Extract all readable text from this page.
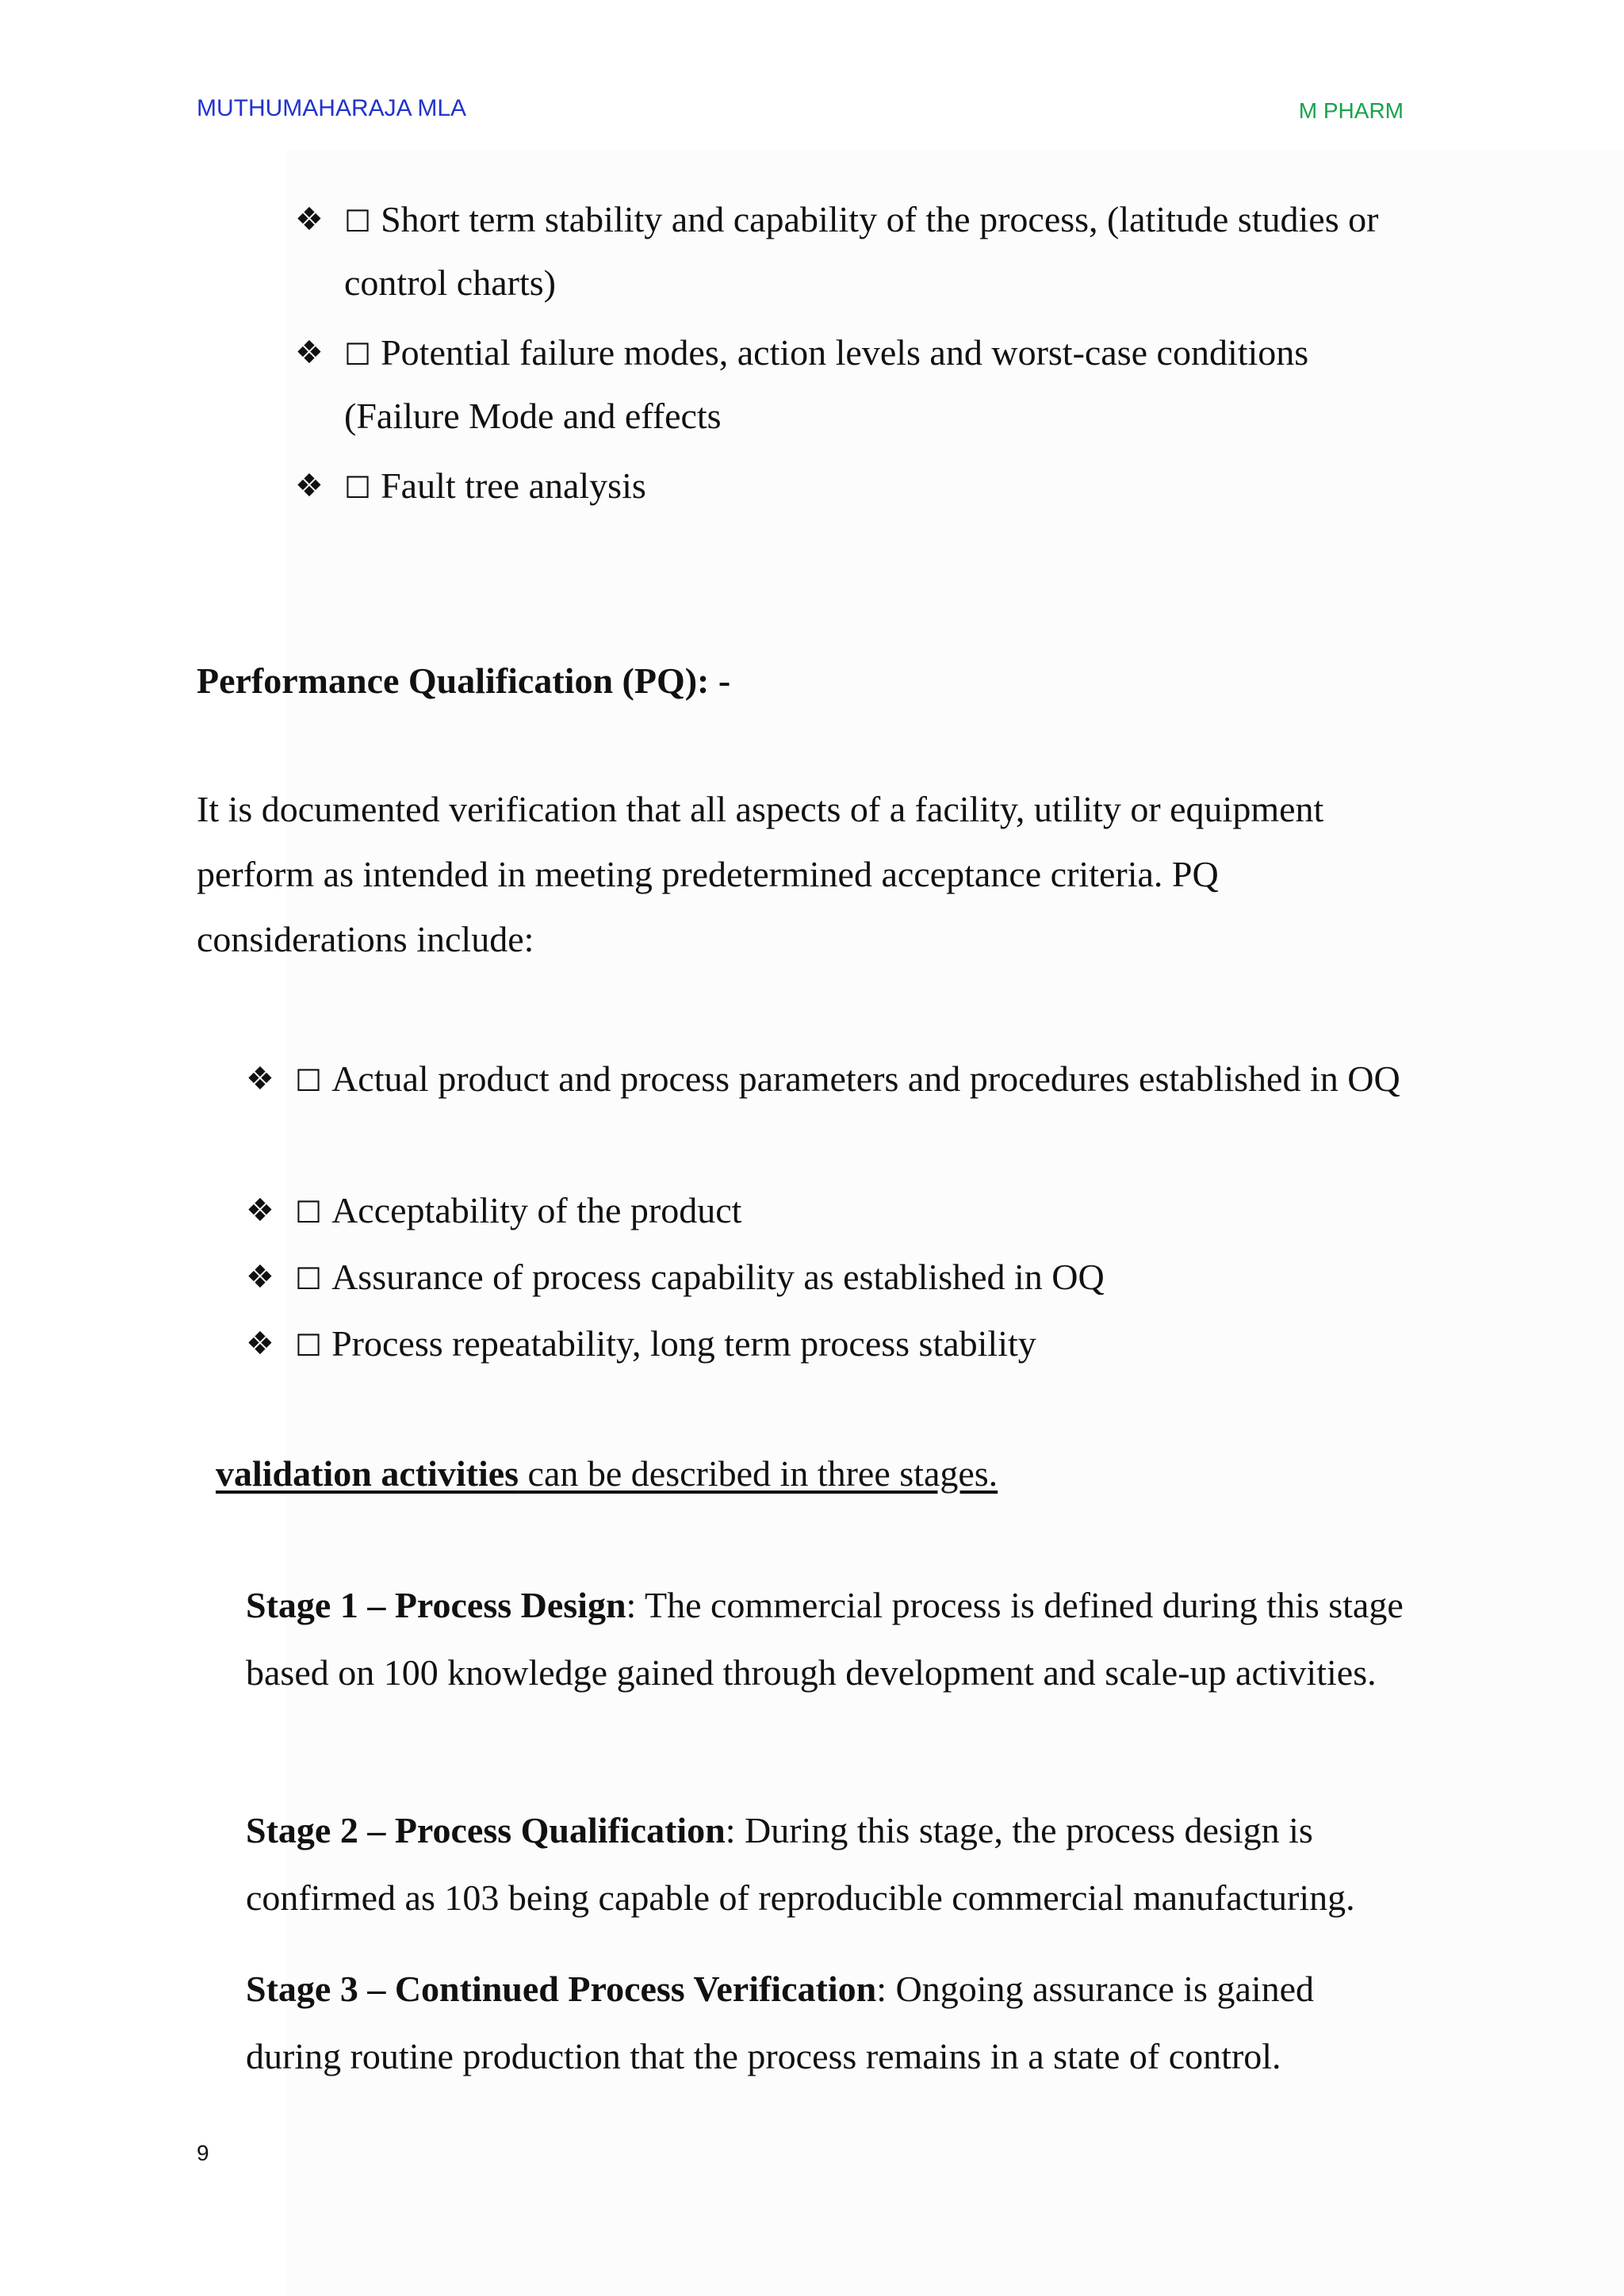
MUTHUMAHARAJA MLA	M PHARM
❖ ☐ Short term stability and capability of the process, (latitude studies or control charts)
❖ ☐ Potential failure modes, action levels and worst-case conditions (Failure Mode and effects
❖ ☐ Fault tree analysis
Performance Qualification (PQ): -
It is documented verification that all aspects of a facility, utility or equipment perform as intended in meeting predetermined acceptance criteria. PQ considerations include:
❖ ☐ Actual product and process parameters and procedures established in OQ
❖ ☐ Acceptability of the product
❖ ☐ Assurance of process capability as established in OQ
❖ ☐ Process repeatability, long term process stability
validation activities can be described in three stages.
Stage 1 – Process Design: The commercial process is defined during this stage based on 100 knowledge gained through development and scale-up activities.
Stage 2 – Process Qualification: During this stage, the process design is confirmed as 103 being capable of reproducible commercial manufacturing.
Stage 3 – Continued Process Verification: Ongoing assurance is gained during routine production that the process remains in a state of control.
9
